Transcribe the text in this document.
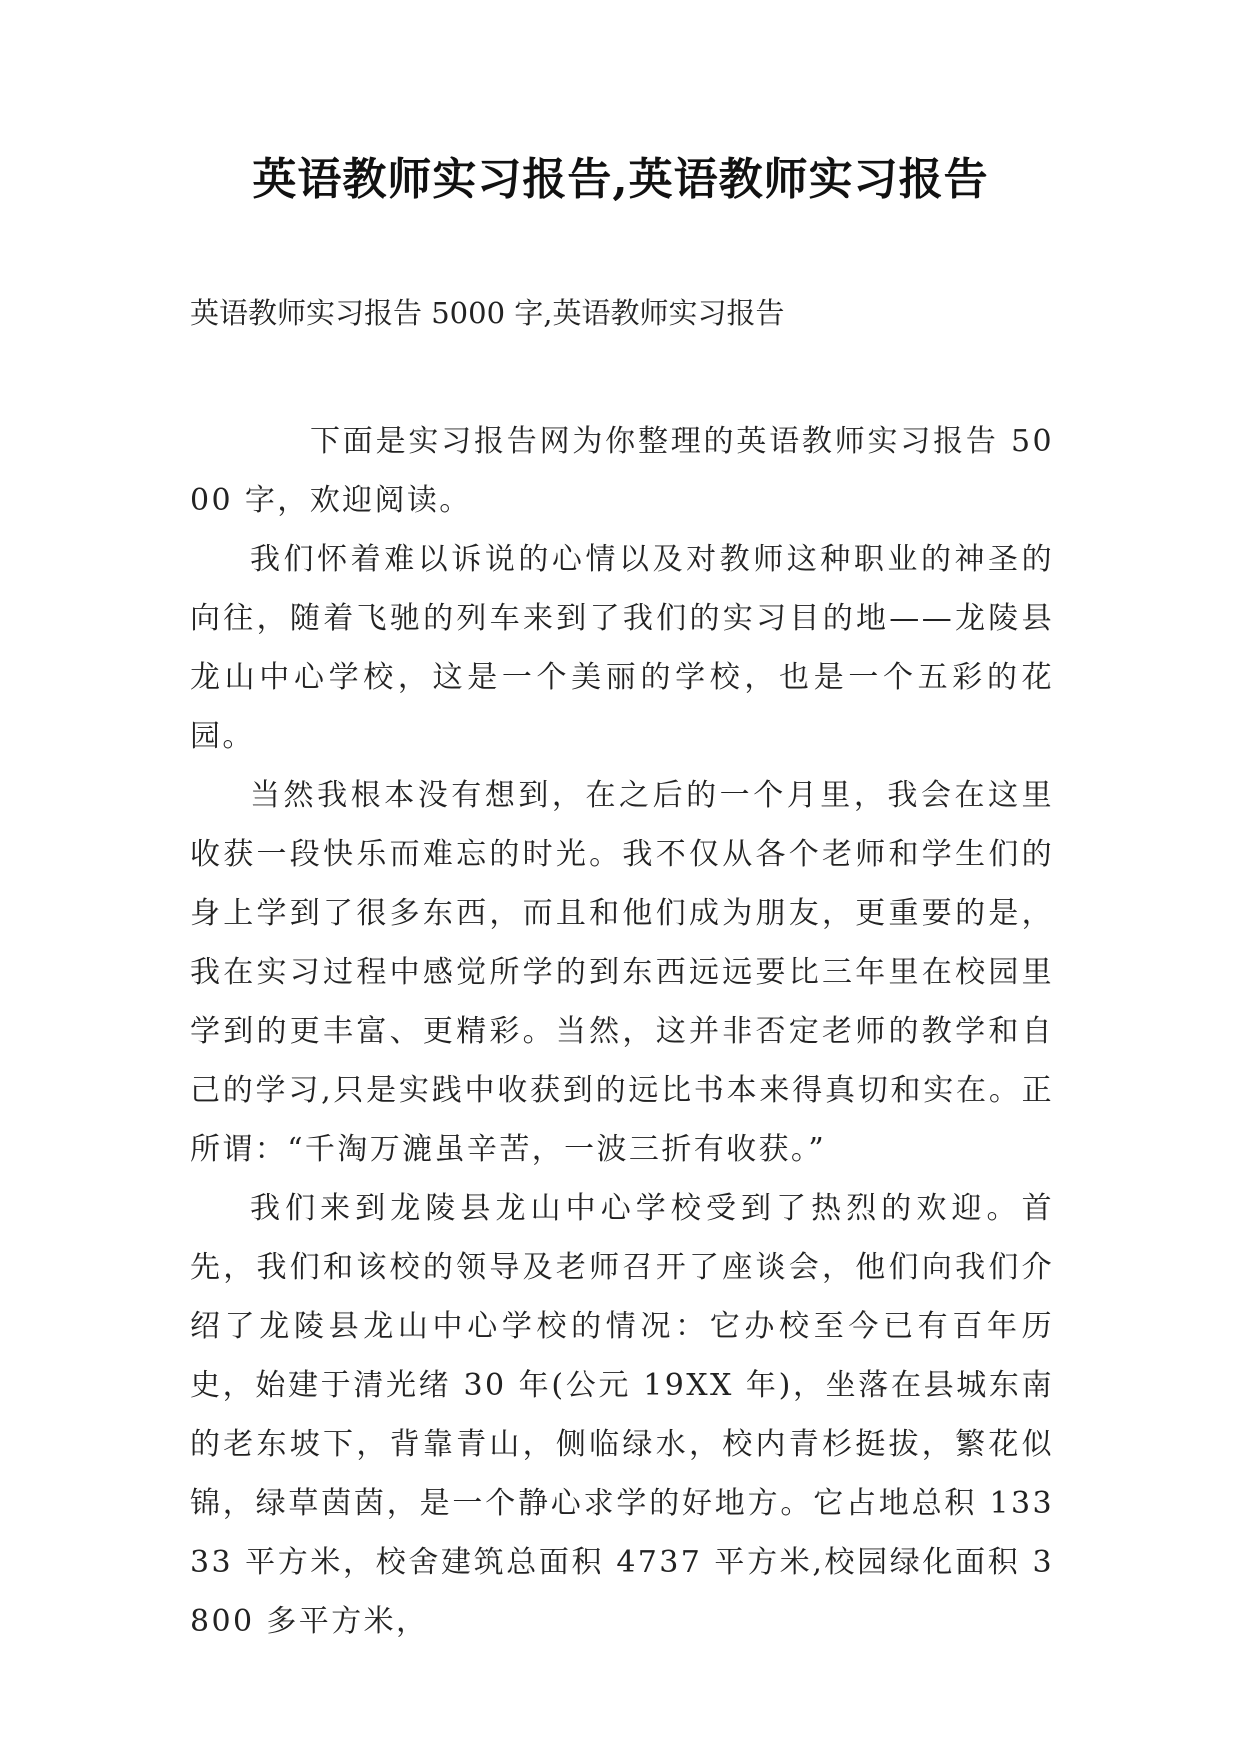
英语教师实习报告,英语教师实习报告
英语教师实习报告 5000 字,英语教师实习报告

下面是实习报告网为你整理的英语教师实习报告 5000 字，欢迎阅读。

我们怀着难以诉说的心情以及对教师这种职业的神圣的向往，随着飞驰的列车来到了我们的实习目的地——龙陵县龙山中心学校，这是一个美丽的学校，也是一个五彩的花园。

当然我根本没有想到，在之后的一个月里，我会在这里收获一段快乐而难忘的时光。我不仅从各个老师和学生们的身上学到了很多东西，而且和他们成为朋友，更重要的是，我在实习过程中感觉所学的到东西远远要比三年里在校园里学到的更丰富、更精彩。当然，这并非否定老师的教学和自己的学习,只是实践中收获到的远比书本来得真切和实在。正所谓：“千淘万漉虽辛苦，一波三折有收获。”

我们来到龙陵县龙山中心学校受到了热烈的欢迎。首先，我们和该校的领导及老师召开了座谈会，他们向我们介绍了龙陵县龙山中心学校的情况：它办校至今已有百年历史，始建于清光绪 30 年(公元 19XX 年)，坐落在县城东南的老东坡下，背靠青山，侧临绿水，校内青杉挺拔，繁花似锦，绿草茵茵，是一个静心求学的好地方。它占地总积 13333 平方米，校舍建筑总面积 4737 平方米,校园绿化面积 3800 多平方米，
